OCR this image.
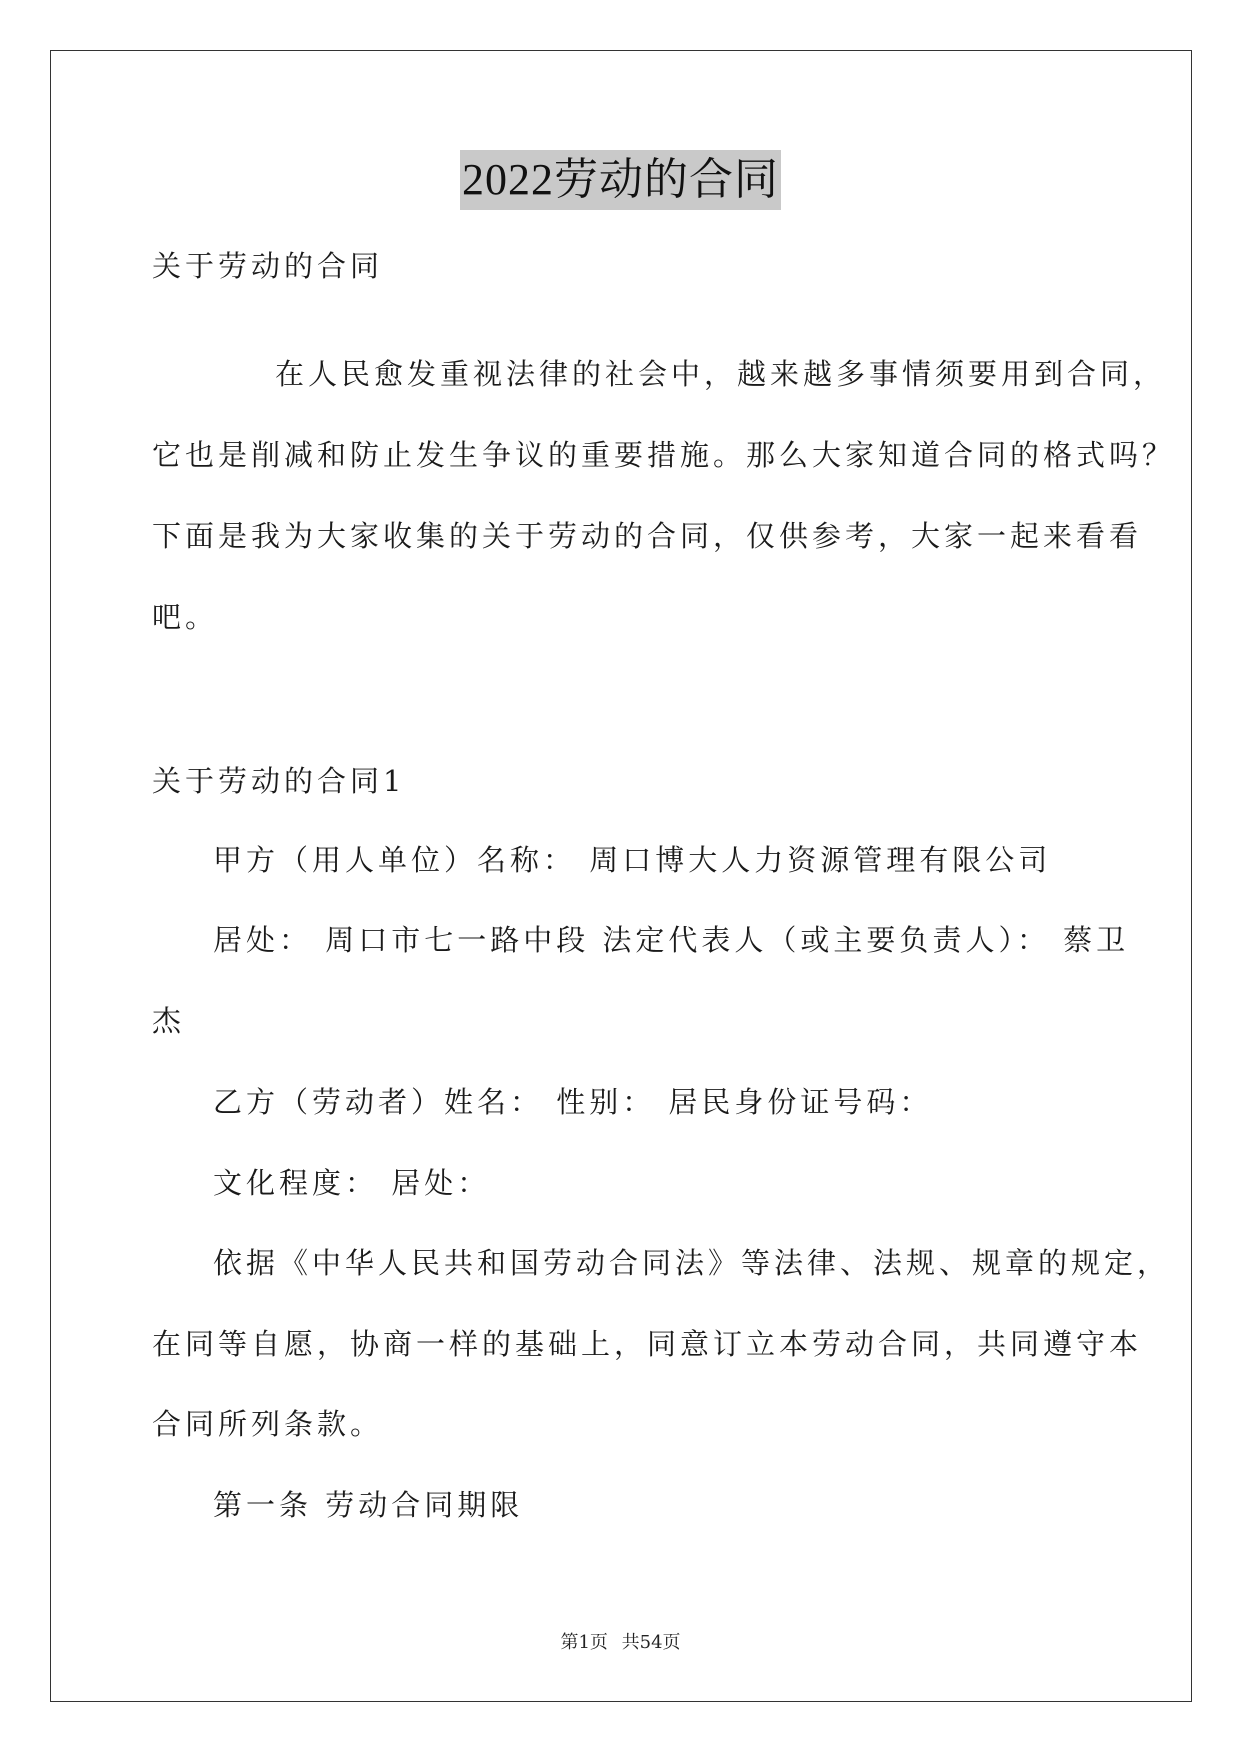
2022劳动的合同
关于劳动的合同
在人民愈发重视法律的社会中，越来越多事情须要用到合同，
它也是削减和防止发生争议的重要措施。那么大家知道合同的格式吗？
下面是我为大家收集的关于劳动的合同，仅供参考，大家一起来看看
吧。
关于劳动的合同1
甲方（用人单位）名称： 周口博大人力资源管理有限公司
居处： 周口市七一路中段 法定代表人（或主要负责人）： 蔡卫
杰
乙方（劳动者）姓名： 性别： 居民身份证号码：
文化程度： 居处：
依据《中华人民共和国劳动合同法》等法律、法规、规章的规定，
在同等自愿，协商一样的基础上，同意订立本劳动合同，共同遵守本
合同所列条款。
第一条 劳动合同期限
第1页 共54页
